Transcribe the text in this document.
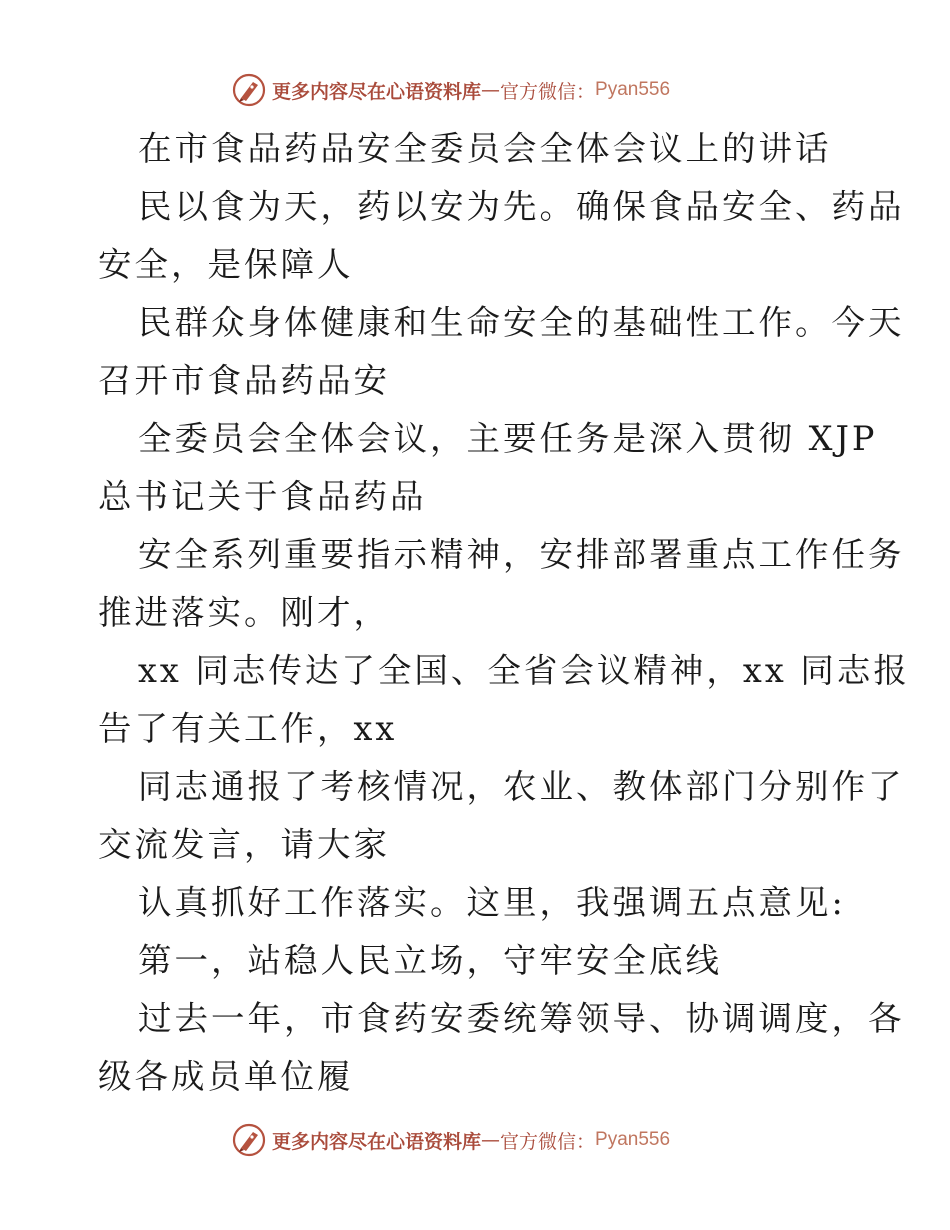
更多内容尽在心语资料库 — 官方微信： Pyan556
在市食品药品安全委员会全体会议上的讲话
民以食为天，药以安为先。确保食品安全、药品
安全，是保障人
民群众身体健康和生命安全的基础性工作。今天
召开市食品药品安
全委员会全体会议，主要任务是深入贯彻 XJP
总书记关于食品药品
安全系列重要指示精神，安排部署重点工作任务
推进落实。刚才，
xx 同志传达了全国、全省会议精神，xx 同志报
告了有关工作，xx
同志通报了考核情况，农业、教体部门分别作了
交流发言，请大家
认真抓好工作落实。这里，我强调五点意见:
第一，站稳人民立场，守牢安全底线
过去一年，市食药安委统筹领导、协调调度，各
级各成员单位履
更多内容尽在心语资料库 — 官方微信： Pyan556
